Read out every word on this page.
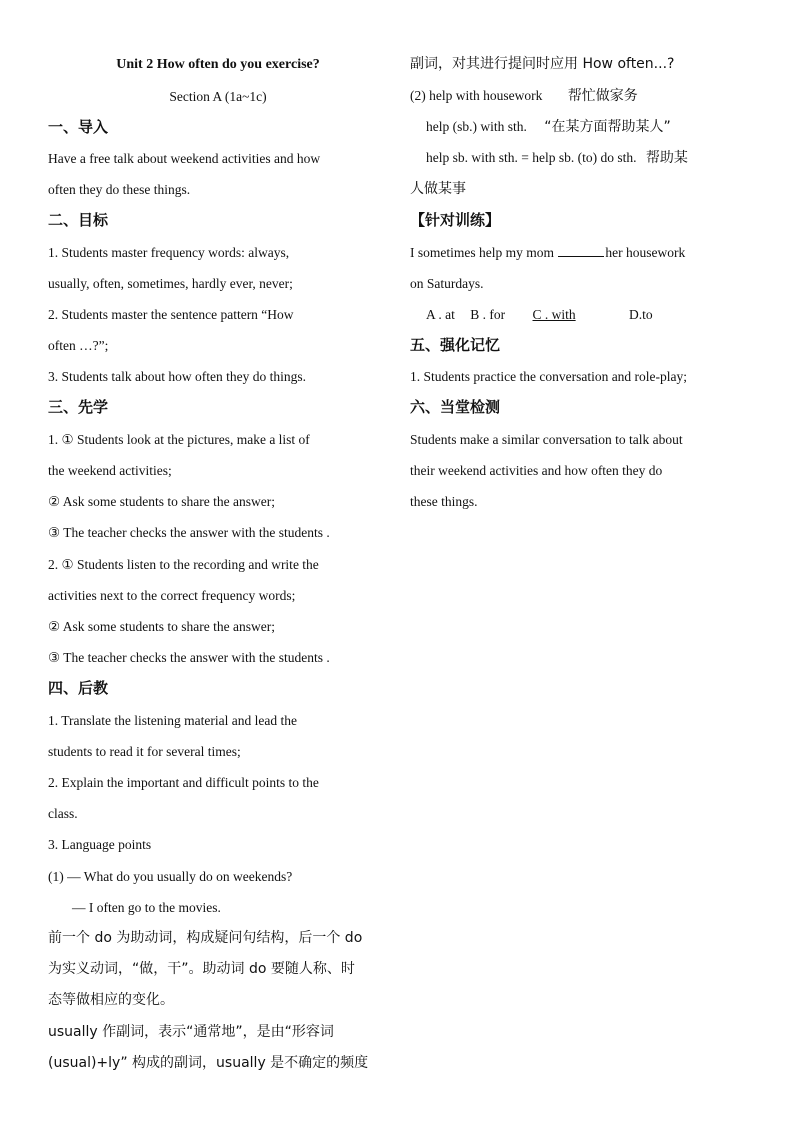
Unit 2 How often do you exercise?
Section A (1a~1c)
一、导入
Have a free talk about weekend activities and how
often they do these things.
二、目标
1. Students master frequency words: always,
usually, often, sometimes, hardly ever, never;
2. Students master the sentence pattern “How
often …?”;
3. Students talk about how often they do things.
三、先学
1. ① Students look at the pictures, make a list of
the weekend activities;
② Ask some students to share the answer;
③ The teacher checks the answer with the students .
2. ① Students listen to the recording and write the
activities next to the correct frequency words;
② Ask some students to share the answer;
③ The teacher checks the answer with the students .
四、后教
1. Translate the listening material and lead the
students to read it for several times;
2. Explain the important and difficult points to the
class.
3. Language points
(1) — What do you usually do on weekends?
— I often go to the movies.
前一个 do 为助动词，构成疑问句结构，后一个 do
为实义动词，“做，干”。助动词 do 要随人称、时
态等做相应的变化。
usually 作副词，表示“通常地”，是由“形容词
(usual)+ly” 构成的副词，usually 是不确定的频度
副词，对其进行提问时应用 How often...?
(2) help with housework 帮忙做家务
help (sb.) with sth. “在某方面帮助某人”
help sb. with sth. = help sb. (to) do sth. 帮助某
人做某事
【针对训练】
I sometimes help my mom	her housework
on Saturdays.
A . at B . for C . with	D.to
五、强化记忆
1. Students practice the conversation and role-play;
六、当堂检测
Students make a similar conversation to talk about
their weekend activities and how often they do
these things.
